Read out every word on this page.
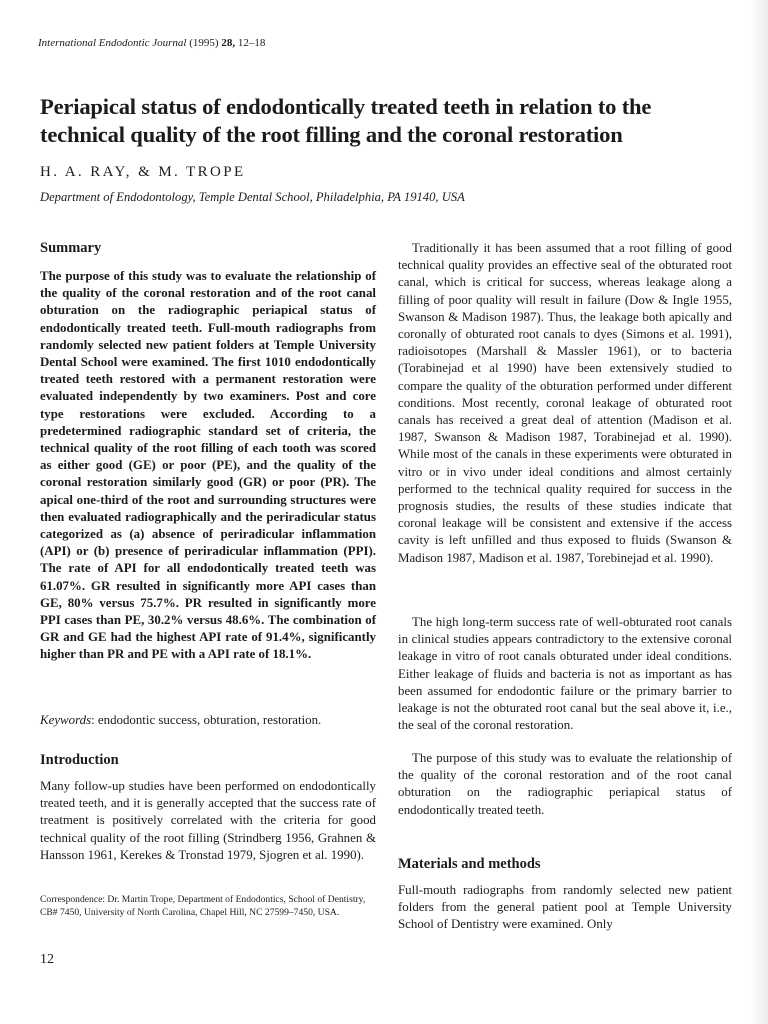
International Endodontic Journal (1995) 28, 12–18
Periapical status of endodontically treated teeth in relation to the technical quality of the root filling and the coronal restoration
H. A. RAY, & M. TROPE
Department of Endodontology, Temple Dental School, Philadelphia, PA 19140, USA
Summary

The purpose of this study was to evaluate the relationship of the quality of the coronal restoration and of the root canal obturation on the radiographic periapical status of endodontically treated teeth. Full-mouth radiographs from randomly selected new patient folders at Temple University Dental School were examined. The first 1010 endodontically treated teeth restored with a permanent restoration were evaluated independently by two examiners. Post and core type restorations were excluded. According to a predetermined radiographic standard set of criteria, the technical quality of the root filling of each tooth was scored as either good (GE) or poor (PE), and the quality of the coronal restoration similarly good (GR) or poor (PR). The apical one-third of the root and surrounding structures were then evaluated radiographically and the periradicular status categorized as (a) absence of periradicular inflammation (API) or (b) presence of periradicular inflammation (PPI). The rate of API for all endodontically treated teeth was 61.07%. GR resulted in significantly more API cases than GE, 80% versus 75.7%. PR resulted in significantly more PPI cases than PE, 30.2% versus 48.6%. The combination of GR and GE had the highest API rate of 91.4%, significantly higher than PR and PE with a API rate of 18.1%.

Keywords: endodontic success, obturation, restoration.

Introduction

Many follow-up studies have been performed on endodontically treated teeth, and it is generally accepted that the success rate of treatment is positively correlated with the criteria for good technical quality of the root filling (Strindberg 1956, Grahnen & Hansson 1961, Kerekes & Tronstad 1979, Sjogren et al. 1990).

Correspondence: Dr. Martin Trope, Department of Endodontics, School of Dentistry, CB# 7450, University of North Carolina, Chapel Hill, NC 27599–7450, USA.

Traditionally it has been assumed that a root filling of good technical quality provides an effective seal of the obturated root canal, which is critical for success, whereas leakage along a filling of poor quality will result in failure (Dow & Ingle 1955, Swanson & Madison 1987). Thus, the leakage both apically and coronally of obturated root canals to dyes (Simons et al. 1991), radioisotopes (Marshall & Massler 1961), or to bacteria (Torabinejad et al 1990) have been extensively studied to compare the quality of the obturation performed under different conditions. Most recently, coronal leakage of obturated root canals has received a great deal of attention (Madison et al. 1987, Swanson & Madison 1987, Torabinejad et al. 1990). While most of the canals in these experiments were obturated in vitro or in vivo under ideal conditions and almost certainly performed to the technical quality required for success in the prognosis studies, the results of these studies indicate that coronal leakage will be consistent and extensive if the access cavity is left unfilled and thus exposed to fluids (Swanson & Madison 1987, Madison et al. 1987, Torebinejad et al. 1990).

The high long-term success rate of well-obturated root canals in clinical studies appears contradictory to the extensive coronal leakage in vitro of root canals obturated under ideal conditions. Either leakage of fluids and bacteria is not as important as has been assumed for endodontic failure or the primary barrier to leakage is not the obturated root canal but the seal above it, i.e., the seal of the coronal restoration.

The purpose of this study was to evaluate the relationship of the quality of the coronal restoration and of the root canal obturation on the radiographic periapical status of endodontically treated teeth.

Materials and methods

Full-mouth radiographs from randomly selected new patient folders from the general patient pool at Temple University School of Dentistry were examined. Only

12
